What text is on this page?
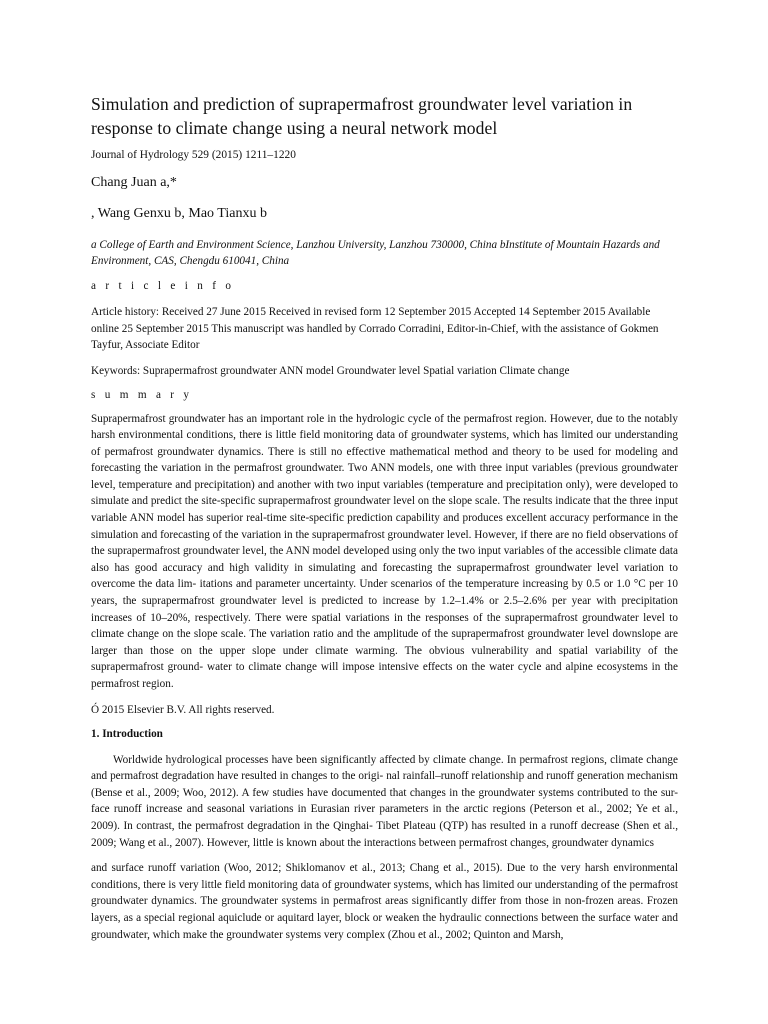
Simulation and prediction of suprapermafrost groundwater level variation in response to climate change using a neural network model

Journal of Hydrology 529 (2015) 1211–1220

Chang Juan a,*

, Wang Genxu b, Mao Tianxu b

a College of Earth and Environment Science, Lanzhou University, Lanzhou 730000, China bInstitute of Mountain Hazards and Environment, CAS, Chengdu 610041, China

a r t i c l e i n f o

Article history: Received 27 June 2015 Received in revised form 12 September 2015 Accepted 14 September 2015 Available online 25 September 2015 This manuscript was handled by Corrado Corradini, Editor-in-Chief, with the assistance of Gokmen Tayfur, Associate Editor

Keywords: Suprapermafrost groundwater ANN model Groundwater level Spatial variation Climate change

s u m m a r y

Suprapermafrost groundwater has an important role in the hydrologic cycle of the permafrost region. However, due to the notably harsh environmental conditions, there is little field monitoring data of groundwater systems, which has limited our understanding of permafrost groundwater dynamics. There is still no effective mathematical method and theory to be used for modeling and forecasting the variation in the permafrost groundwater. Two ANN models, one with three input variables (previous groundwater level, temperature and precipitation) and another with two input variables (temperature and precipitation only), were developed to simulate and predict the site-specific suprapermafrost groundwater level on the slope scale. The results indicate that the three input variable ANN model has superior real-time site-specific prediction capability and produces excellent accuracy performance in the simulation and forecasting of the variation in the suprapermafrost groundwater level. However, if there are no field observations of the suprapermafrost groundwater level, the ANN model developed using only the two input variables of the accessible climate data also has good accuracy and high validity in simulating and forecasting the suprapermafrost groundwater level variation to overcome the data lim- itations and parameter uncertainty. Under scenarios of the temperature increasing by 0.5 or 1.0 °C per 10 years, the suprapermafrost groundwater level is predicted to increase by 1.2–1.4% or 2.5–2.6% per year with precipitation increases of 10–20%, respectively. There were spatial variations in the responses of the suprapermafrost groundwater level to climate change on the slope scale. The variation ratio and the amplitude of the suprapermafrost groundwater level downslope are larger than those on the upper slope under climate warming. The obvious vulnerability and spatial variability of the suprapermafrost ground- water to climate change will impose intensive effects on the water cycle and alpine ecosystems in the permafrost region.

Ó 2015 Elsevier B.V. All rights reserved.

1. Introduction

Worldwide hydrological processes have been significantly affected by climate change. In permafrost regions, climate change and permafrost degradation have resulted in changes to the origi- nal rainfall–runoff relationship and runoff generation mechanism (Bense et al., 2009; Woo, 2012). A few studies have documented that changes in the groundwater systems contributed to the sur- face runoff increase and seasonal variations in Eurasian river parameters in the arctic regions (Peterson et al., 2002; Ye et al., 2009). In contrast, the permafrost degradation in the Qinghai- Tibet Plateau (QTP) has resulted in a runoff decrease (Shen et al., 2009; Wang et al., 2007). However, little is known about the interactions between permafrost changes, groundwater dynamics

and surface runoff variation (Woo, 2012; Shiklomanov et al., 2013; Chang et al., 2015). Due to the very harsh environmental conditions, there is very little field monitoring data of groundwater systems, which has limited our understanding of the permafrost groundwater dynamics. The groundwater systems in permafrost areas significantly differ from those in non-frozen areas. Frozen layers, as a special regional aquiclude or aquitard layer, block or weaken the hydraulic connections between the surface water and groundwater, which make the groundwater systems very complex (Zhou et al., 2002; Quinton and Marsh,
